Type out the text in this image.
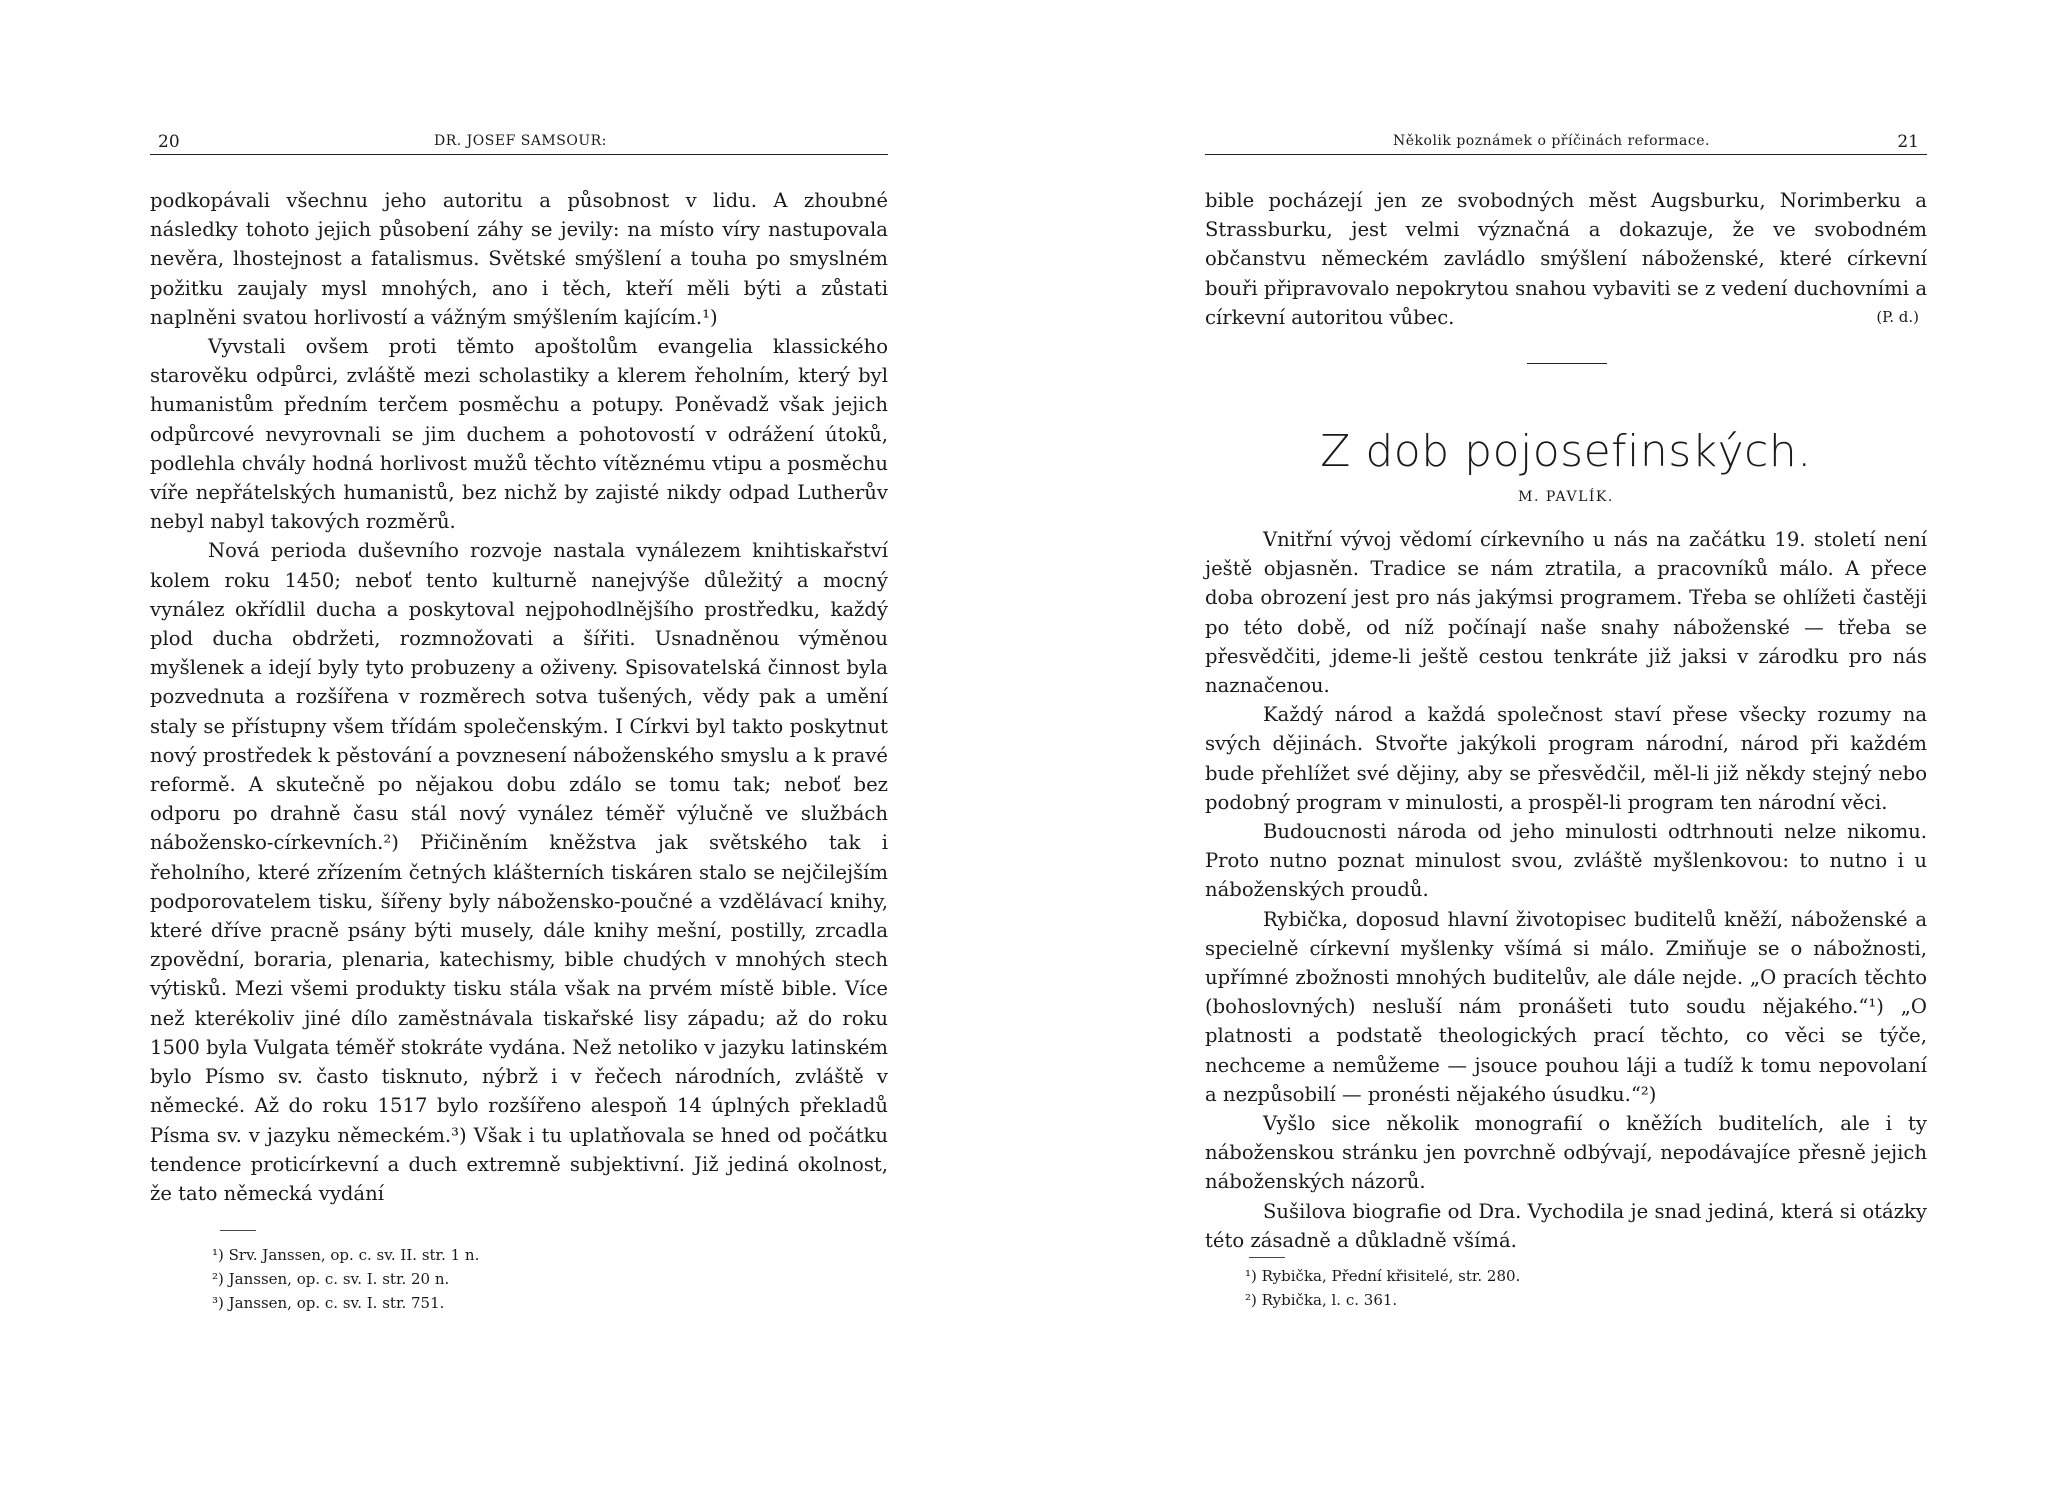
20	DR. JOSEF SAMSOUR:

podkopávali všechnu jeho autoritu a působnost v lidu. A zhoubné následky tohoto jejich působení záhy se jevily: na místo víry nastupovala nevěra, lhostejnost a fatalismus. Světské smýšlení a touha po smyslném požitku zaujaly mysl mnohých, ano i těch, kteří měli býti a zůstati naplněni svatou horlivostí a vážným smýšlením kajícím.¹)

Vyvstali ovšem proti těmto apoštolům evangelia klassického starověku odpůrci, zvláště mezi scholastiky a klerem řeholním, který byl humanistům předním terčem posměchu a potupy. Poněvadž však jejich odpůrcové nevyrovnali se jim duchem a pohotovostí v odrážení útoků, podlehla chvály hodná horlivost mužů těchto vítěznému vtipu a posměchu víře nepřátelských humanistů, bez nichž by zajisté nikdy odpad Lutherův nebyl nabyl takových rozměrů.

Nová perioda duševního rozvoje nastala vynálezem knihtiskařství kolem roku 1450; neboť tento kulturně nanejvýše důležitý a mocný vynález okřídlil ducha a poskytoval nejpohodlnějšího prostředku, každý plod ducha obdržeti, rozmnožovati a šířiti. Usnadněnou výměnou myšlenek a idejí byly tyto probuzeny a oživeny. Spisovatelská činnost byla pozvednuta a rozšířena v rozměrech sotva tušených, vědy pak a umění staly se přístupny všem třídám společenským. I Církvi byl takto poskytnut nový prostředek k pěstování a povznesení náboženského smyslu a k pravé reformě. A skutečně po nějakou dobu zdálo se tomu tak; neboť bez odporu po drahně času stál nový vynález téměř výlučně ve službách nábožensko-církevních.²) Přičiněním kněžstva jak světského tak i řeholního, které zřízením četných klášterních tiskáren stalo se nejčilejším podporovatelem tisku, šířeny byly nábožensko-poučné a vzdělávací knihy, které dříve pracně psány býti musely, dále knihy mešní, postilly, zrcadla zpovědní, boraria, plenaria, katechismy, bible chudých v mnohých stech výtisků. Mezi všemi produkty tisku stála však na prvém místě bible. Více než kterékoliv jiné dílo zaměstnávala tiskařské lisy západu; až do roku 1500 byla Vulgata téměř stokráte vydána. Než netoliko v jazyku latinském bylo Písmo sv. často tisknuto, nýbrž i v řečech národních, zvláště v německé. Až do roku 1517 bylo rozšířeno alespoň 14 úplných překladů Písma sv. v jazyku německém.³) Však i tu uplatňovala se hned od počátku tendence proticírkevní a duch extremně subjektivní. Již jediná okolnost, že tato německá vydání

¹) Srv. Janssen, op. c. sv. II. str. 1 n.
²) Janssen, op. c. sv. I. str. 20 n.
³) Janssen, op. c. sv. I. str. 751.
Několik poznámek o příčinách reformace.	21

bible pocházejí jen ze svobodných měst Augsburku, Norimberku a Strassburku, jest velmi význačná a dokazuje, že ve svobodném občanstvu německém zavládlo smýšlení náboženské, které církevní bouři připravovalo nepokrytou snahou vybaviti se z vedení duchovními a církevní autoritou vůbec.	(P. d.)

Z dob pojosefinských.
M. PAVLÍK.

Vnitřní vývoj vědomí církevního u nás na začátku 19. století není ještě objasněn. Tradice se nám ztratila, a pracovníků málo. A přece doba obrození jest pro nás jakýmsi programem. Třeba se ohlížeti častěji po této době, od níž počínají naše snahy náboženské — třeba se přesvědčiti, jdeme-li ještě cestou tenkráte již jaksi v zárodku pro nás naznačenou.

Každý národ a každá společnost staví přese všecky rozumy na svých dějinách. Stvořte jakýkoli program národní, národ při každém bude přehlížet své dějiny, aby se přesvědčil, měl-li již někdy stejný nebo podobný program v minulosti, a prospěl-li program ten národní věci.

Budoucnosti národa od jeho minulosti odtrhnouti nelze nikomu. Proto nutno poznat minulost svou, zvláště myšlenkovou: to nutno i u náboženských proudů.

Rybička, doposud hlavní životopisec buditelů kněží, náboženské a specielně církevní myšlenky všímá si málo. Zmiňuje se o nábožnosti, upřímné zbožnosti mnohých buditelův, ale dále nejde. „O pracích těchto (bohoslovných) nesluší nám pronášeti tuto soudu nějakého.“¹) „O platnosti a podstatě theologických prací těchto, co věci se týče, nechceme a nemůžeme — jsouce pouhou láji a tudíž k tomu nepovolaní a nezpůsobilí — pronésti nějakého úsudku.“²)

Vyšlo sice několik monografií o kněžích buditelích, ale i ty náboženskou stránku jen povrchně odbývají, nepodávajíce přesně jejich náboženských názorů.

Sušilova biografie od Dra. Vychodila je snad jediná, která si otázky této zásadně a důkladně všímá.

¹) Rybička, Přední křisitelé, str. 280.
²) Rybička, l. c. 361.
